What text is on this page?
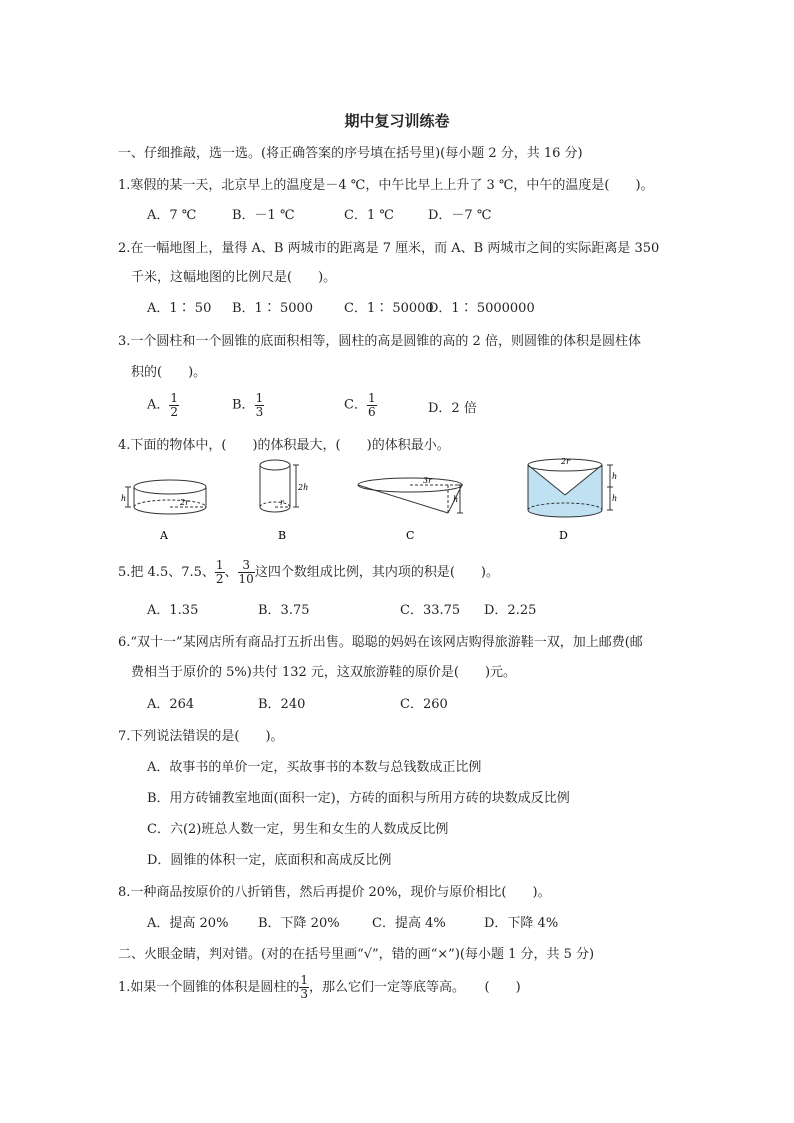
期中复习训练卷
一、仔细推敲，选一选。(将正确答案的序号填在括号里)(每小题 2 分，共 16 分)
1.寒假的某一天，北京早上的温度是－4 ℃，中午比早上上升了 3 ℃，中午的温度是(　　)。
A．7 ℃	B．－1 ℃	C．1 ℃	D．－7 ℃
2.在一幅地图上，量得 A、B 两城市的距离是 7 厘米，而 A、B 两城市之间的实际距离是 350
千米，这幅地图的比例尺是(　　)。
A．1∶ 50 B．1∶ 5000 C．1∶ 50000
D．1∶ 5000000
3.一个圆柱和一个圆锥的底面积相等，圆柱的高是圆锥的高的 2 倍，则圆锥的体积是圆柱体
积的(　　)。
A． $\frac{1}{2}$	B． $\frac{1}{3}$	C． $\frac{1}{6}$	D．2 倍
4.下面的物体中，(　　)的体积最大，(　　)的体积最小。
h	2r
2h
r
3r
h
2r
h
h
A	B	C	D
5.把 4.5、7.5、 $\frac{1}{2}$ 、 $\frac{3}{10}$ 这四个数组成比例，其内项的积是(　　)。
A．1.35	B．3.75	C．33.75 D．2.25
6.“双十一”某网店所有商品打五折出售。聪聪的妈妈在该网店购得旅游鞋一双，加上邮费(邮
费相当于原价的 5%)共付 132 元，这双旅游鞋的原价是(　　)元。
A．264	B．240	C．260
7.下列说法错误的是(　　)。
A．故事书的单价一定，买故事书的本数与总钱数成正比例
B．用方砖铺教室地面(面积一定)，方砖的面积与所用方砖的块数成反比例
C．六(2)班总人数一定，男生和女生的人数成反比例
D．圆锥的体积一定，底面积和高成反比例
8.一种商品按原价的八折销售，然后再提价 20%，现价与原价相比(　　)。
A．提高 20% B．下降 20% C．提高 4%	D．下降 4%
二、火眼金睛，判对错。(对的在括号里画“√”，错的画“×”)(每小题 1 分，共 5 分)
1.如果一个圆锥的体积是圆柱的 $\frac{1}{3}$ ，那么它们一定等底等高。　　(　　)
